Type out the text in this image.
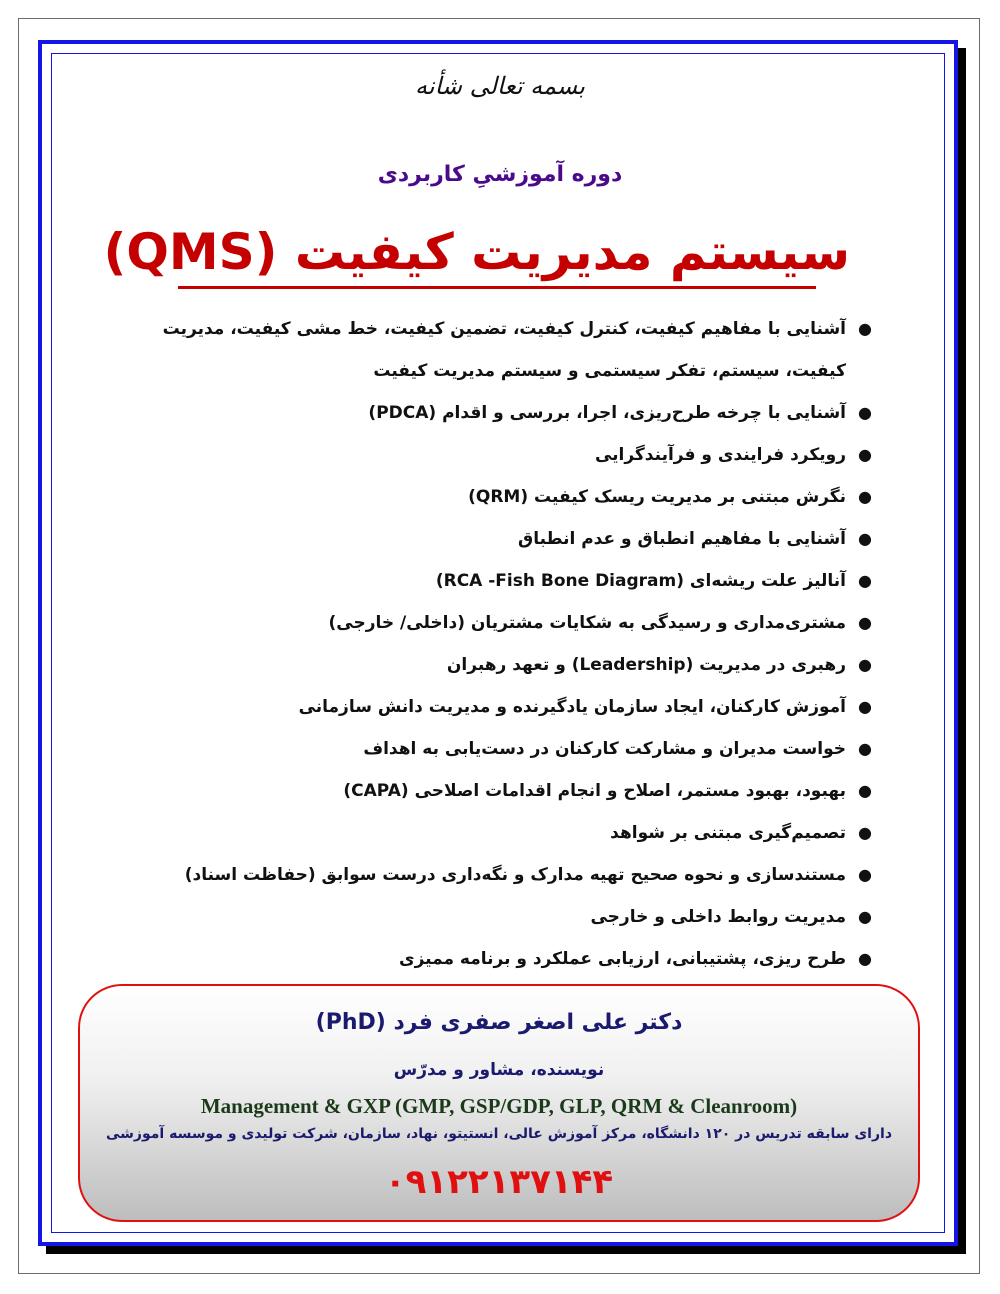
بسمه تعالی شأنه
دوره آموزشیِ کاربردی
سیستم مدیریت کیفیت (QMS)
●
آشنایی با مفاهیم کیفیت، کنترل کیفیت، تضمین کیفیت، خط مشی کیفیت، مدیریت کیفیت، سیستم، تفکر سیستمی و سیستم مدیریت کیفیت
●
آشنایی با چرخه طرح‌ریزی، اجرا، بررسی و اقدام (PDCA)
●
رویکرد فرایندی و فرآیندگرایی
●
نگرش مبتنی بر مدیریت ریسک کیفیت (QRM)
●
آشنایی با مفاهیم انطباق و عدم انطباق
●
آنالیز علت ریشه‌ای (RCA -Fish Bone Diagram)
●
مشتری‌مداری و رسیدگی به شکایات مشتریان (داخلی/ خارجی)
●
رهبری در مدیریت (Leadership) و تعهد رهبران
●
آموزش کارکنان، ایجاد سازمان یادگیرنده و مدیریت دانش سازمانی
●
خواست مدیران و مشارکت کارکنان در دست‌یابی به اهداف
●
بهبود، بهبود مستمر، اصلاح و انجام اقدامات اصلاحی (CAPA)
●
تصمیم‌گیری مبتنی بر شواهد
●
مستندسازی و نحوه صحیح تهیه مدارک و نگه‌داری درست سوابق (حفاظت اسناد)
●
مدیریت روابط داخلی و خارجی
●
طرح ریزی، پشتیبانی، ارزیابی عملکرد و برنامه ممیزی
دکتر علی اصغر صفری فرد (PhD)
نویسنده، مشاور و مدرّس
Management & GXP (GMP, GSP/GDP, GLP, QRM & Cleanroom)
دارای سابقه تدریس در ۱۲۰ دانشگاه، مرکز آموزش عالی، انستیتو، نهاد، سازمان، شرکت تولیدی و موسسه آموزشی
۰۹۱۲۲۱۳۷۱۴۴
